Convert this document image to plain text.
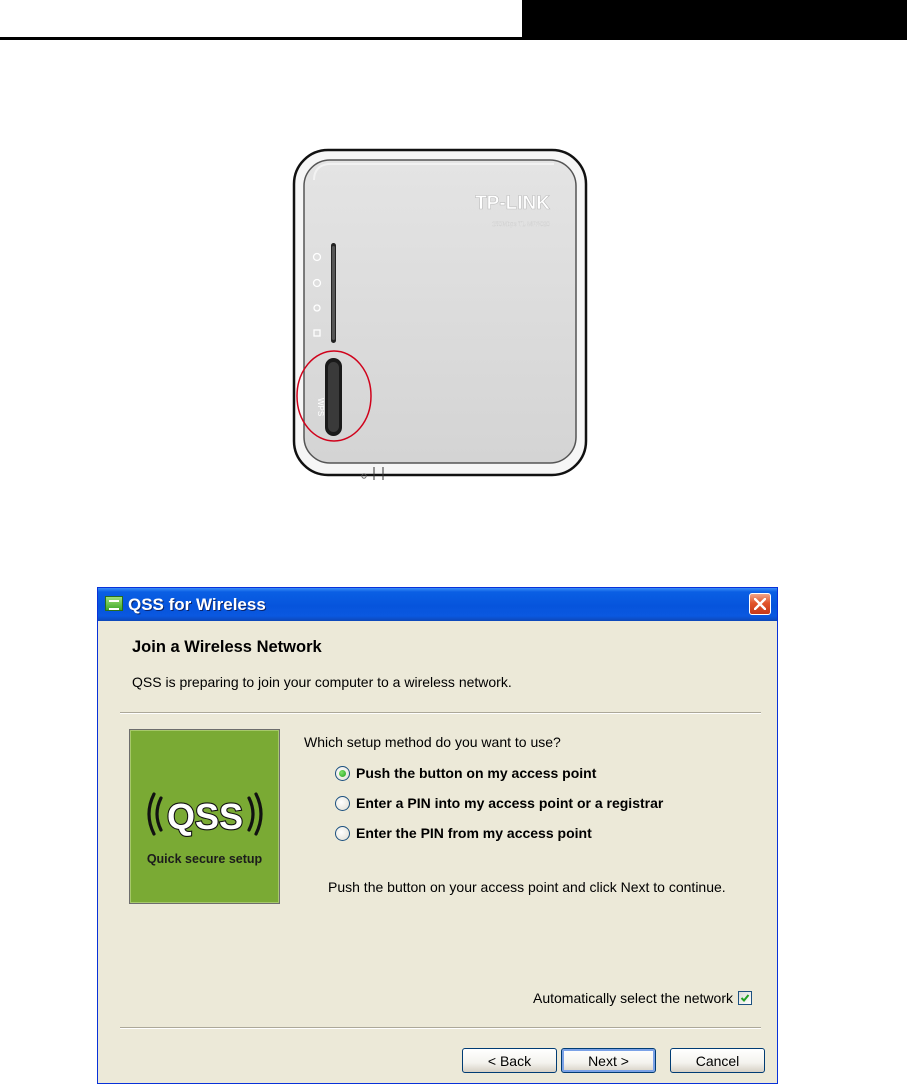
TP-LINK
150Mbps TL-MR3020
WPS
QSS for Wireless
Join a Wireless Network
QSS is preparing to join your computer to a wireless network.
QSS
Quick secure setup
Which setup method do you want to use?
Push the button on my access point
Enter a PIN into my access point or a registrar
Enter the PIN from my access point
Push the button on your access point and click Next to continue.
Automatically select the network
< Back	Next >	Cancel
